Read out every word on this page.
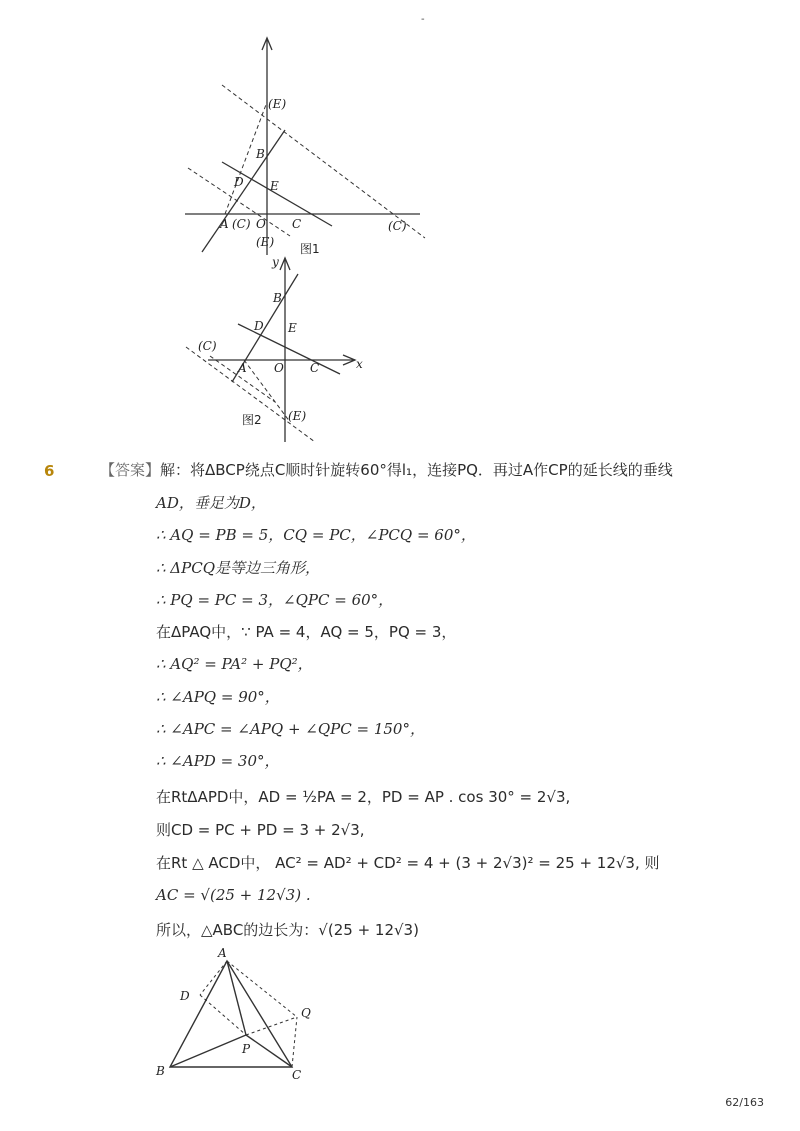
-
(E)
B
D E
A (C) O C	(C)
(E) 图1
y
B
D E
(C)
A O C	x
图2 (E)
6	【答案】解：将ΔBCP绕点C顺时针旋转60°得l₁，连接PQ．再过A作CP的延长线的垂线
AD，垂足为D，
∴ AQ = PB = 5，CQ = PC，∠PCQ = 60°，
∴ ΔPCQ是等边三角形，
∴ PQ = PC = 3，∠QPC = 60°，
在ΔPAQ中，∵ PA = 4，AQ = 5，PQ = 3，
∴ AQ² = PA² + PQ²，
∴ ∠APQ = 90°，
∴ ∠APC = ∠APQ + ∠QPC = 150°，
∴ ∠APD = 30°，
在RtΔAPD中，AD = ½PA = 2，PD = AP . cos 30° = 2√3,
则CD = PC + PD = 3 + 2√3,
在Rt △ ACD中， AC² = AD² + CD² = 4 + (3 + 2√3)² = 25 + 12√3, 则
AC = √(25 + 12√3) .
所以，△ABC的边长为：√(25 + 12√3)
A
D
Q
P
B	C
62/163
